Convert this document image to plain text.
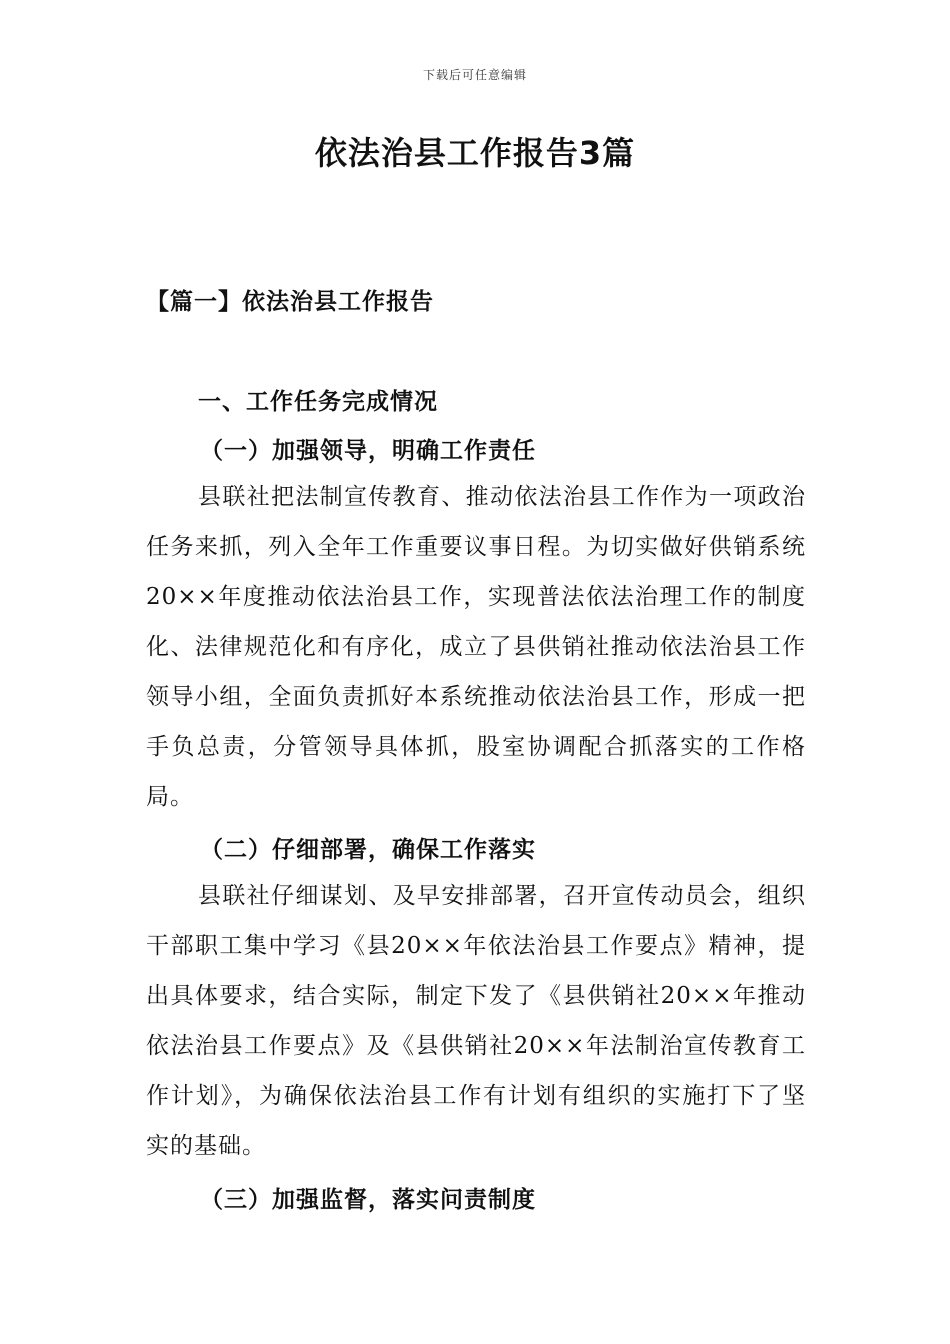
下载后可任意编辑
依法治县工作报告3篇
【篇一】依法治县工作报告
一、工作任务完成情况
（一）加强领导，明确工作责任

县联社把法制宣传教育、推动依法治县工作作为一项政治任务来抓，列入全年工作重要议事日程。为切实做好供销系统20××年度推动依法治县工作，实现普法依法治理工作的制度化、法律规范化和有序化，成立了县供销社推动依法治县工作领导小组，全面负责抓好本系统推动依法治县工作，形成一把手负总责，分管领导具体抓，股室协调配合抓落实的工作格局。

（二）仔细部署，确保工作落实

县联社仔细谋划、及早安排部署，召开宣传动员会，组织干部职工集中学习《县20××年依法治县工作要点》精神，提出具体要求，结合实际，制定下发了《县供销社20××年推动依法治县工作要点》及《县供销社20××年法制治宣传教育工作计划》，为确保依法治县工作有计划有组织的实施打下了坚实的基础。

（三）加强监督，落实问责制度
